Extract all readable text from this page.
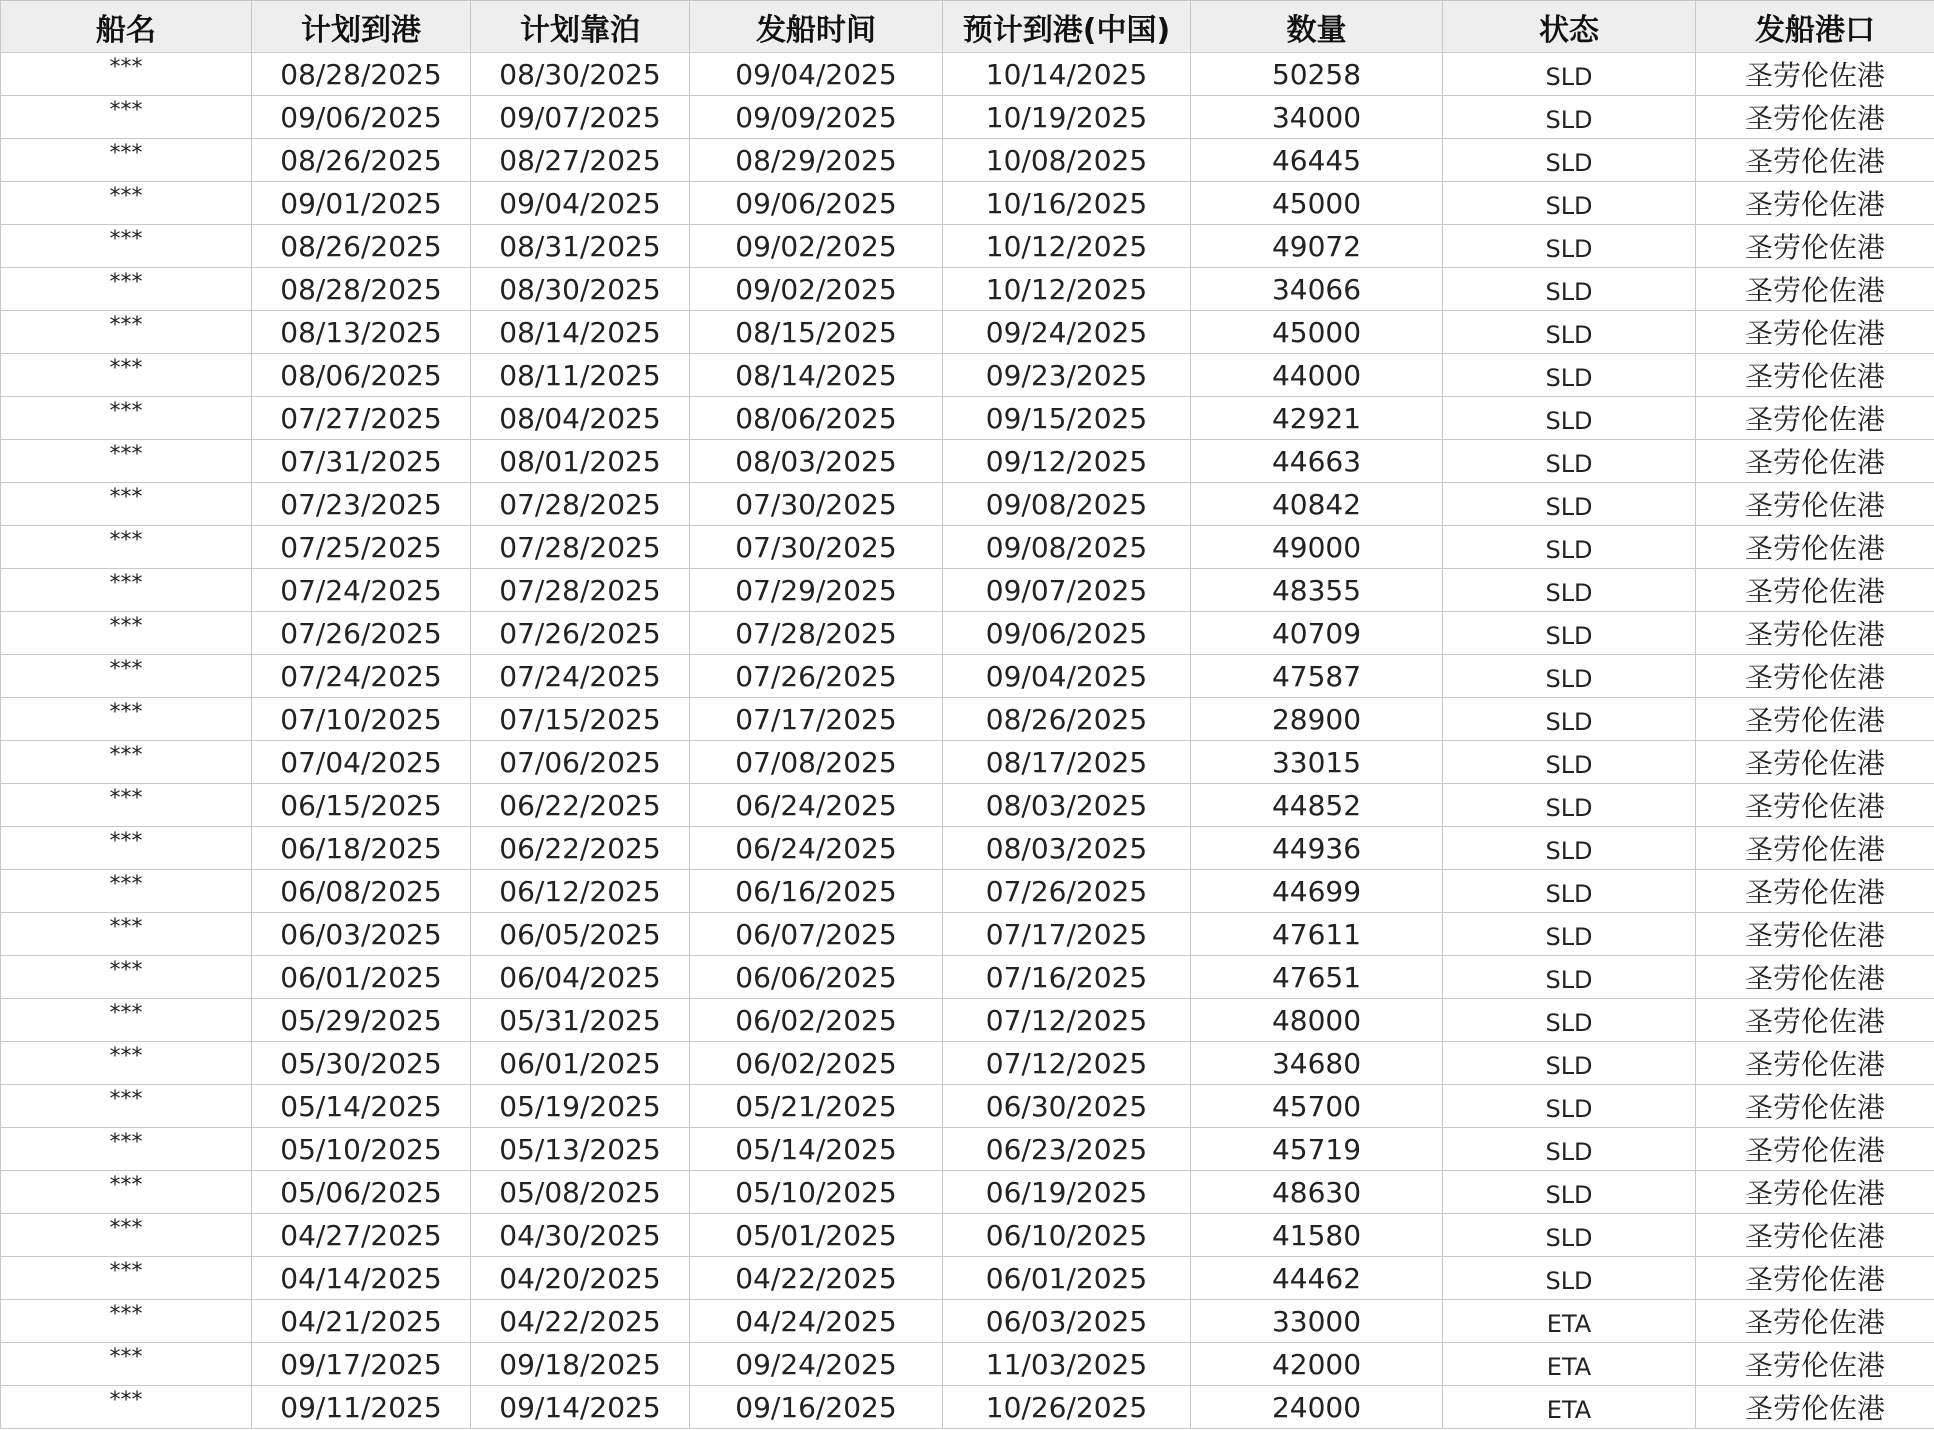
船名	计划到港	计划靠泊	发船时间	预计到港(中国)	数量	状态	发船港口
***	08/28/2025	08/30/2025	09/04/2025	10/14/2025	50258	SLD	圣劳伦佐港
***	09/06/2025	09/07/2025	09/09/2025	10/19/2025	34000	SLD	圣劳伦佐港
***	08/26/2025	08/27/2025	08/29/2025	10/08/2025	46445	SLD	圣劳伦佐港
***	09/01/2025	09/04/2025	09/06/2025	10/16/2025	45000	SLD	圣劳伦佐港
***	08/26/2025	08/31/2025	09/02/2025	10/12/2025	49072	SLD	圣劳伦佐港
***	08/28/2025	08/30/2025	09/02/2025	10/12/2025	34066	SLD	圣劳伦佐港
***	08/13/2025	08/14/2025	08/15/2025	09/24/2025	45000	SLD	圣劳伦佐港
***	08/06/2025	08/11/2025	08/14/2025	09/23/2025	44000	SLD	圣劳伦佐港
***	07/27/2025	08/04/2025	08/06/2025	09/15/2025	42921	SLD	圣劳伦佐港
***	07/31/2025	08/01/2025	08/03/2025	09/12/2025	44663	SLD	圣劳伦佐港
***	07/23/2025	07/28/2025	07/30/2025	09/08/2025	40842	SLD	圣劳伦佐港
***	07/25/2025	07/28/2025	07/30/2025	09/08/2025	49000	SLD	圣劳伦佐港
***	07/24/2025	07/28/2025	07/29/2025	09/07/2025	48355	SLD	圣劳伦佐港
***	07/26/2025	07/26/2025	07/28/2025	09/06/2025	40709	SLD	圣劳伦佐港
***	07/24/2025	07/24/2025	07/26/2025	09/04/2025	47587	SLD	圣劳伦佐港
***	07/10/2025	07/15/2025	07/17/2025	08/26/2025	28900	SLD	圣劳伦佐港
***	07/04/2025	07/06/2025	07/08/2025	08/17/2025	33015	SLD	圣劳伦佐港
***	06/15/2025	06/22/2025	06/24/2025	08/03/2025	44852	SLD	圣劳伦佐港
***	06/18/2025	06/22/2025	06/24/2025	08/03/2025	44936	SLD	圣劳伦佐港
***	06/08/2025	06/12/2025	06/16/2025	07/26/2025	44699	SLD	圣劳伦佐港
***	06/03/2025	06/05/2025	06/07/2025	07/17/2025	47611	SLD	圣劳伦佐港
***	06/01/2025	06/04/2025	06/06/2025	07/16/2025	47651	SLD	圣劳伦佐港
***	05/29/2025	05/31/2025	06/02/2025	07/12/2025	48000	SLD	圣劳伦佐港
***	05/30/2025	06/01/2025	06/02/2025	07/12/2025	34680	SLD	圣劳伦佐港
***	05/14/2025	05/19/2025	05/21/2025	06/30/2025	45700	SLD	圣劳伦佐港
***	05/10/2025	05/13/2025	05/14/2025	06/23/2025	45719	SLD	圣劳伦佐港
***	05/06/2025	05/08/2025	05/10/2025	06/19/2025	48630	SLD	圣劳伦佐港
***	04/27/2025	04/30/2025	05/01/2025	06/10/2025	41580	SLD	圣劳伦佐港
***	04/14/2025	04/20/2025	04/22/2025	06/01/2025	44462	SLD	圣劳伦佐港
***	04/21/2025	04/22/2025	04/24/2025	06/03/2025	33000	ETA	圣劳伦佐港
***	09/17/2025	09/18/2025	09/24/2025	11/03/2025	42000	ETA	圣劳伦佐港
***	09/11/2025	09/14/2025	09/16/2025	10/26/2025	24000	ETA	圣劳伦佐港
